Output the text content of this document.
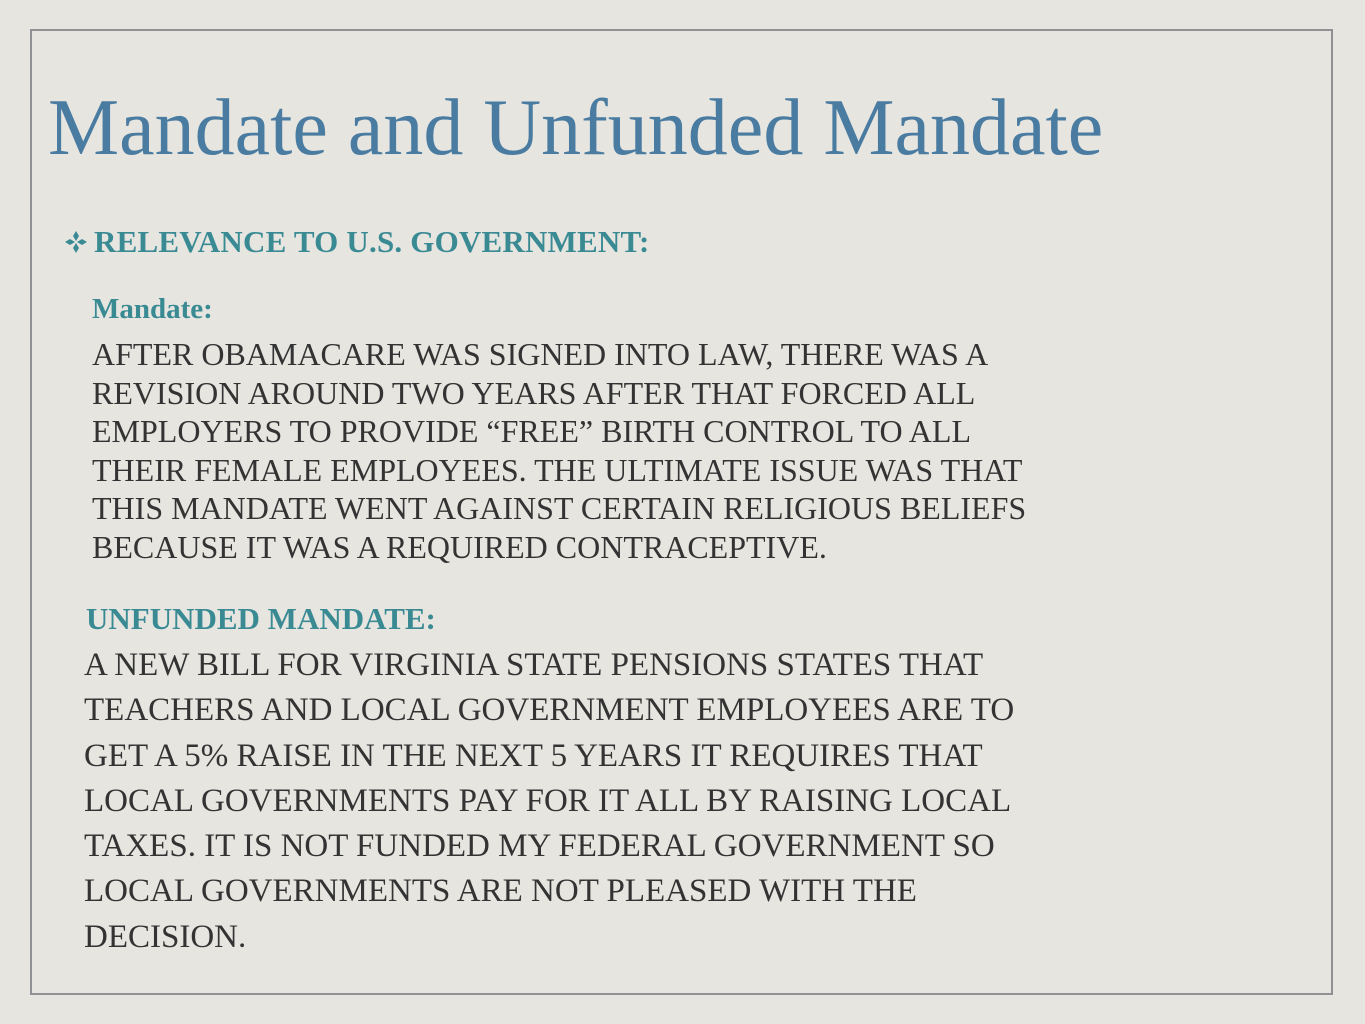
Mandate and Unfunded Mandate
RELEVANCE TO U.S. GOVERNMENT:
Mandate:
AFTER OBAMACARE WAS SIGNED INTO LAW, THERE WAS A
REVISION AROUND TWO YEARS AFTER THAT FORCED ALL
EMPLOYERS TO PROVIDE “FREE” BIRTH CONTROL TO ALL
THEIR FEMALE EMPLOYEES. THE ULTIMATE ISSUE WAS THAT
THIS MANDATE WENT AGAINST CERTAIN RELIGIOUS BELIEFS
BECAUSE IT WAS A REQUIRED CONTRACEPTIVE.
UNFUNDED MANDATE:
A NEW BILL FOR VIRGINIA STATE PENSIONS STATES THAT
TEACHERS AND LOCAL GOVERNMENT EMPLOYEES ARE TO
GET A 5% RAISE IN THE NEXT 5 YEARS IT REQUIRES THAT
LOCAL GOVERNMENTS PAY FOR IT ALL BY RAISING LOCAL
TAXES. IT IS NOT FUNDED MY FEDERAL GOVERNMENT SO
LOCAL GOVERNMENTS ARE NOT PLEASED WITH THE
DECISION.
